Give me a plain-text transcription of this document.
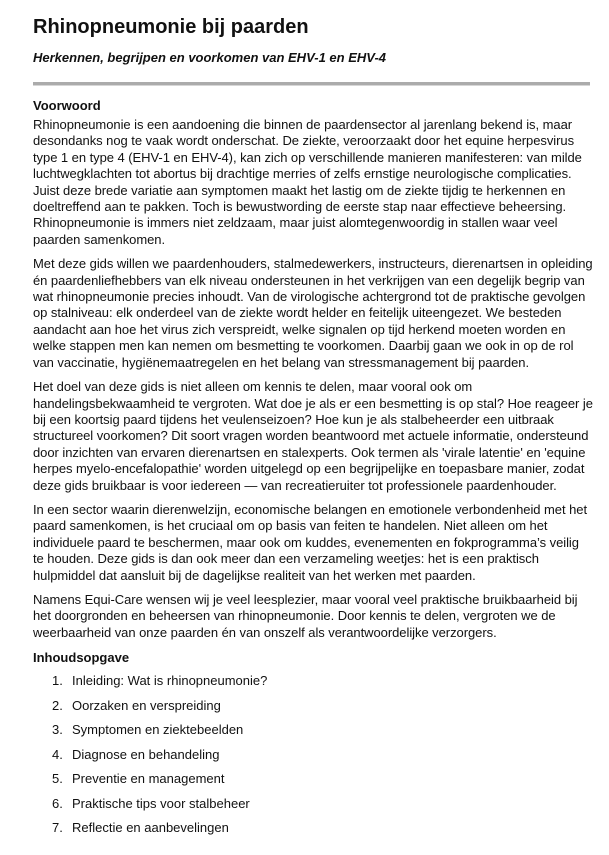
Rhinopneumonie bij paarden
Herkennen, begrijpen en voorkomen van EHV-1 en EHV-4
Voorwoord

Rhinopneumonie is een aandoening die binnen de paardensector al jarenlang bekend is, maar desondanks nog te vaak wordt onderschat. De ziekte, veroorzaakt door het equine herpesvirus type 1 en type 4 (EHV-1 en EHV-4), kan zich op verschillende manieren manifesteren: van milde luchtwegklachten tot abortus bij drachtige merries of zelfs ernstige neurologische complicaties. Juist deze brede variatie aan symptomen maakt het lastig om de ziekte tijdig te herkennen en doeltreffend aan te pakken. Toch is bewustwording de eerste stap naar effectieve beheersing. Rhinopneumonie is immers niet zeldzaam, maar juist alomtegenwoordig in stallen waar veel paarden samenkomen.

Met deze gids willen we paardenhouders, stalmedewerkers, instructeurs, dierenartsen in opleiding én paardenliefhebbers van elk niveau ondersteunen in het verkrijgen van een degelijk begrip van wat rhinopneumonie precies inhoudt. Van de virologische achtergrond tot de praktische gevolgen op stalniveau: elk onderdeel van de ziekte wordt helder en feitelijk uiteengezet. We besteden aandacht aan hoe het virus zich verspreidt, welke signalen op tijd herkend moeten worden en welke stappen men kan nemen om besmetting te voorkomen. Daarbij gaan we ook in op de rol van vaccinatie, hygiënemaatregelen en het belang van stressmanagement bij paarden.

Het doel van deze gids is niet alleen om kennis te delen, maar vooral ook om handelingsbekwaamheid te vergroten. Wat doe je als er een besmetting is op stal? Hoe reageer je bij een koortsig paard tijdens het veulenseizoen? Hoe kun je als stalbeheerder een uitbraak structureel voorkomen? Dit soort vragen worden beantwoord met actuele informatie, ondersteund door inzichten van ervaren dierenartsen en stalexperts. Ook termen als 'virale latentie' en 'equine herpes myelo-encefalopathie' worden uitgelegd op een begrijpelijke en toepasbare manier, zodat deze gids bruikbaar is voor iedereen — van recreatieruiter tot professionele paardenhouder.

In een sector waarin dierenwelzijn, economische belangen en emotionele verbondenheid met het paard samenkomen, is het cruciaal om op basis van feiten te handelen. Niet alleen om het individuele paard te beschermen, maar ook om kuddes, evenementen en fokprogramma’s veilig te houden. Deze gids is dan ook meer dan een verzameling weetjes: het is een praktisch hulpmiddel dat aansluit bij de dagelijkse realiteit van het werken met paarden.

Namens Equi-Care wensen wij je veel leesplezier, maar vooral veel praktische bruikbaarheid bij het doorgronden en beheersen van rhinopneumonie. Door kennis te delen, vergroten we de weerbaarheid van onze paarden én van onszelf als verantwoordelijke verzorgers.

Inhoudsopgave
1. Inleiding: Wat is rhinopneumonie?
2. Oorzaken en verspreiding
3. Symptomen en ziektebeelden
4. Diagnose en behandeling
5. Preventie en management
6. Praktische tips voor stalbeheer
7. Reflectie en aanbevelingen
